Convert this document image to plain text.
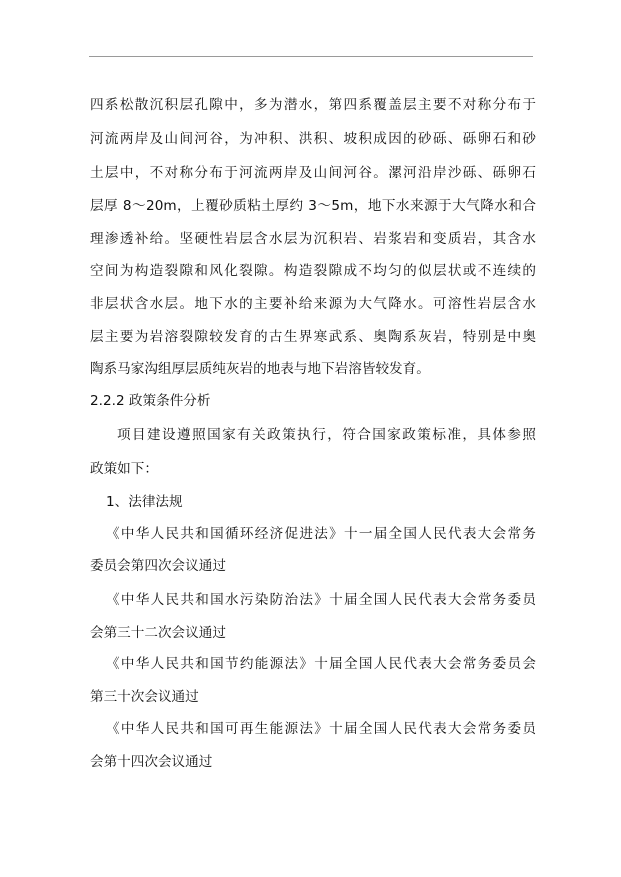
四系松散沉积层孔隙中，多为潜水，第四系覆盖层主要不对称分布于
河流两岸及山间河谷，为冲积、洪积、坡积成因的砂砾、砾卵石和砂
土层中，不对称分布于河流两岸及山间河谷。漯河沿岸沙砾、砾卵石
层厚 8～20m，上覆砂质粘土厚约 3～5m，地下水来源于大气降水和合
理渗透补给。坚硬性岩层含水层为沉积岩、岩浆岩和变质岩，其含水
空间为构造裂隙和风化裂隙。构造裂隙成不均匀的似层状或不连续的
非层状含水层。地下水的主要补给来源为大气降水。可溶性岩层含水
层主要为岩溶裂隙较发育的古生界寒武系、奥陶系灰岩，特别是中奥
陶系马家沟组厚层质纯灰岩的地表与地下岩溶皆较发育。
2.2.2 政策条件分析
项目建设遵照国家有关政策执行，符合国家政策标准，具体参照
政策如下：
1、法律法规
《中华人民共和国循环经济促进法》十一届全国人民代表大会常务
委员会第四次会议通过
《中华人民共和国水污染防治法》十届全国人民代表大会常务委员
会第三十二次会议通过
《中华人民共和国节约能源法》十届全国人民代表大会常务委员会
第三十次会议通过
《中华人民共和国可再生能源法》十届全国人民代表大会常务委员
会第十四次会议通过
